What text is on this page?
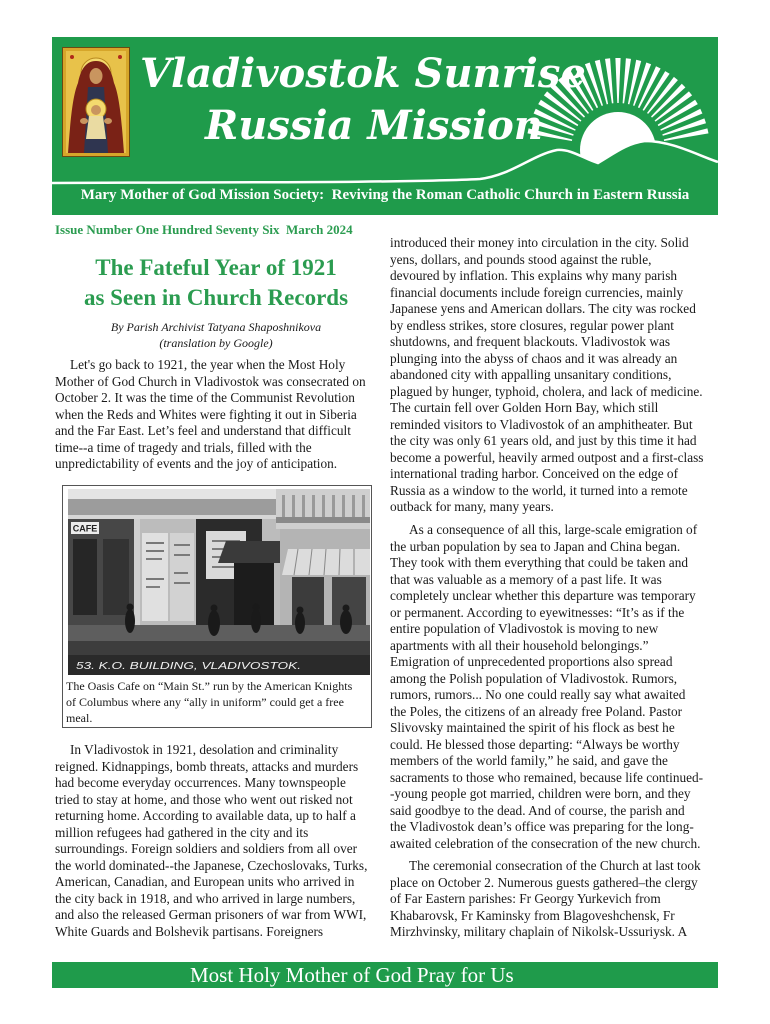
Vladivostok Sunrise
Russia Mission
Mary Mother of God Mission Society:  Reviving the Roman Catholic Church in Eastern Russia
Issue Number One Hundred Seventy Six  March 2024
The Fateful Year of 1921
as Seen in Church Records
By Parish Archivist Tatyana Shaposhnikova
(translation by Google)
Let's go back to 1921, the year when the Most Holy
Mother of God Church in Vladivostok was consecrated on
October 2. It was the time of the Communist Revolution
when the Reds and Whites were fighting it out in Siberia
and the Far East. Let’s feel and understand that difficult
time--a time of tragedy and trials, filled with the
unpredictability of events and the joy of anticipation.
CAFE
53. K.O. BUILDING, VLADIVOSTOK.
The Oasis Cafe on “Main St.” run by the American Knights
of Columbus where any “ally in uniform” could get a free
meal.
In Vladivostok in 1921, desolation and criminality
reigned. Kidnappings, bomb threats, attacks and murders
had become everyday occurrences. Many townspeople
tried to stay at home, and those who went out risked not
returning home. According to available data, up to half a
million refugees had gathered in the city and its
surroundings. Foreign soldiers and soldiers from all over
the world dominated--the Japanese, Czechoslovaks, Turks,
American, Canadian, and European units who arrived in
the city back in 1918, and who arrived in large numbers,
and also the released German prisoners of war from WWI,
White Guards and Bolshevik partisans. Foreigners
introduced their money into circulation in the city. Solid
yens, dollars, and pounds stood against the ruble,
devoured by inflation. This explains why many parish
financial documents include foreign currencies, mainly
Japanese yens and American dollars. The city was rocked
by endless strikes, store closures, regular power plant
shutdowns, and frequent blackouts. Vladivostok was
plunging into the abyss of chaos and it was already an
abandoned city with appalling unsanitary conditions,
plagued by hunger, typhoid, cholera, and lack of medicine.
The curtain fell over Golden Horn Bay, which still
reminded visitors to Vladivostok of an amphitheater. But
the city was only 61 years old, and just by this time it had
become a powerful, heavily armed outpost and a first-class
international trading harbor. Conceived on the edge of
Russia as a window to the world, it turned into a remote
outback for many, many years.
As a consequence of all this, large-scale emigration of
the urban population by sea to Japan and China began.
They took with them everything that could be taken and
that was valuable as a memory of a past life. It was
completely unclear whether this departure was temporary
or permanent. According to eyewitnesses: “It’s as if the
entire population of Vladivostok is moving to new
apartments with all their household belongings.”
Emigration of unprecedented proportions also spread
among the Polish population of Vladivostok. Rumors,
rumors, rumors... No one could really say what awaited
the Poles, the citizens of an already free Poland. Pastor
Slivovsky maintained the spirit of his flock as best he
could. He blessed those departing: “Always be worthy
members of the world family,” he said, and gave the
sacraments to those who remained, because life continued-
-young people got married, children were born, and they
said goodbye to the dead. And of course, the parish and
the Vladivostok dean’s office was preparing for the long-
awaited celebration of the consecration of the new church.
The ceremonial consecration of the Church at last took
place on October 2. Numerous guests gathered–the clergy
of Far Eastern parishes: Fr Georgy Yurkevich from
Khabarovsk, Fr Kaminsky from Blagoveshchensk, Fr
Mirzhvinsky, military chaplain of Nikolsk-Ussuriysk. A
Most Holy Mother of God Pray for Us
